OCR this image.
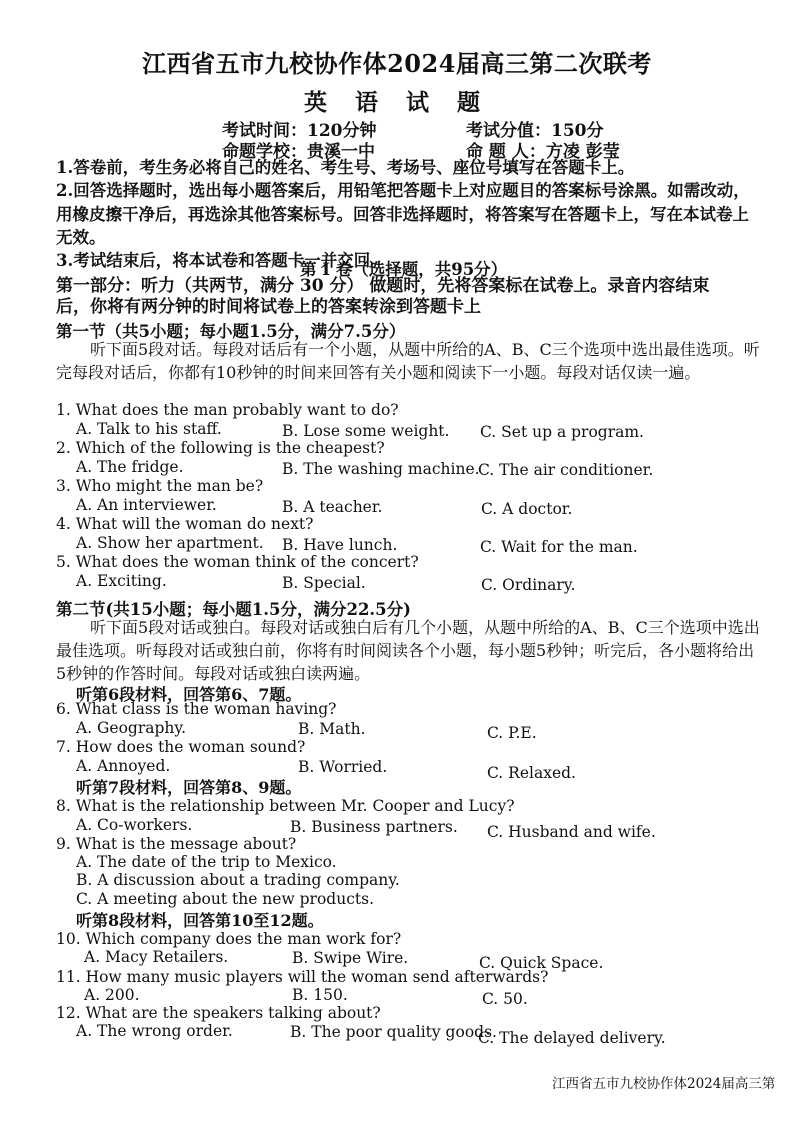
江西省五市九校协作体2024届高三第二次联考
英 语 试 题
考试时间：120分钟	考试分值：150分
命题学校：贵溪一中	命 题 人：方凌 彭莹
1.答卷前，考生务必将自己的姓名、考生号、考场号、座位号填写在答题卡上。
2.回答选择题时，选出每小题答案后，用铅笔把答题卡上对应题目的答案标号涂黑。如需改动，用橡皮擦干净后，再选涂其他答案标号。回答非选择题时，将答案写在答题卡上，写在本试卷上无效。
3.考试结束后，将本试卷和答题卡一并交回。
第 I 卷（选择题，共95分）
第一部分：听力（共两节，满分 30 分） 做题时，先将答案标在试卷上。录音内容结束
后，你将有两分钟的时间将试卷上的答案转涂到答题卡上
第一节（共5小题；每小题1.5分，满分7.5分）
听下面5段对话。每段对话后有一个小题，从题中所给的A、B、C三个选项中选出最佳选项。听完每段对话后，你都有10秒钟的时间来回答有关小题和阅读下一小题。每段对话仅读一遍。
1. What does the man probably want to do?
A. Talk to his staff.	B. Lose some weight. C. Set up a program.
2. Which of the following is the cheapest?
A. The fridge.	B. The washing machine.
C. The air conditioner.
3. Who might the man be?
A. An interviewer.	B. A teacher.	C. A doctor.
4. What will the woman do next?
A. Show her apartment. B. Have lunch.	C. Wait for the man.
5. What does the woman think of the concert?
A. Exciting.	B. Special.	C. Ordinary.
第二节(共15小题；每小题1.5分，满分22.5分)
听下面5段对话或独白。每段对话或独白后有几个小题，从题中所给的A、B、C三个选项中选出最佳选项。听每段对话或独白前，你将有时间阅读各个小题，每小题5秒钟；听完后，各小题将给出5秒钟的作答时间。每段对话或独白读两遍。
听第6段材料，回答第6、7题。
6. What class is the woman having?
A. Geography.	B. Math.	C. P.E.
7. How does the woman sound?
A. Annoyed.	B. Worried.	C. Relaxed.
听第7段材料，回答第8、9题。
8. What is the relationship between Mr. Cooper and Lucy?
A. Co-workers.	B. Business partners. C. Husband and wife.
9. What is the message about?
A. The date of the trip to Mexico.
B. A discussion about a trading company.
C. A meeting about the new products.
听第8段材料，回答第10至12题。
10. Which company does the man work for?
A. Macy Retailers.	B. Swipe Wire.	C. Quick Space.
11. How many music players will the woman send afterwards?
A. 200.	B. 150.	C. 50.
12. What are the speakers talking about?
A. The wrong order.	B. The poor quality goods.
C. The delayed delivery.
江西省五市九校协作体2024届高三第
